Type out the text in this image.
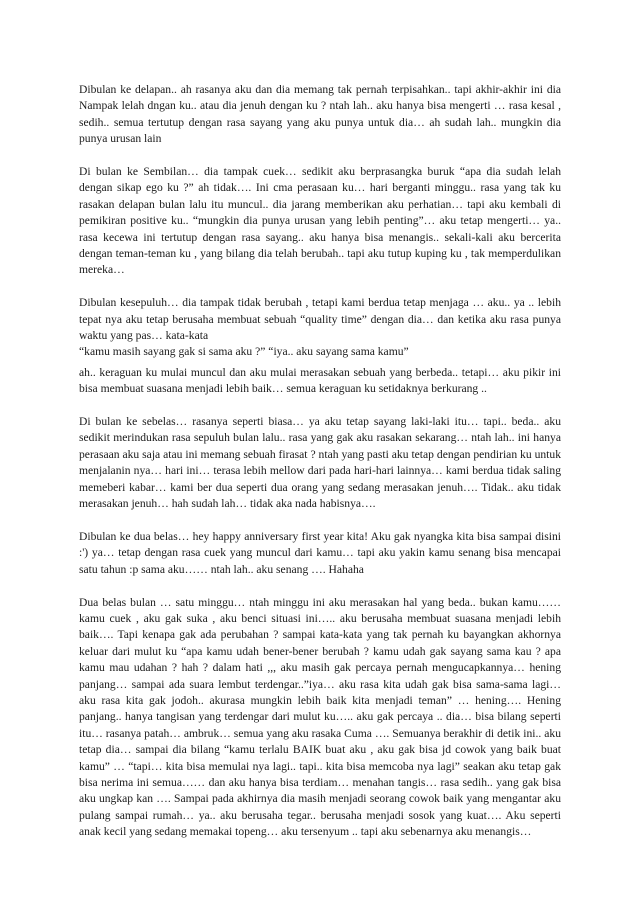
Dibulan ke delapan.. ah rasanya aku dan dia memang tak pernah terpisahkan.. tapi akhir-akhir ini dia Nampak lelah dngan ku.. atau dia jenuh dengan ku ? ntah lah.. aku hanya bisa mengerti … rasa kesal , sedih.. semua tertutup dengan rasa sayang yang aku punya untuk dia… ah sudah lah.. mungkin dia punya urusan lain

Di bulan ke Sembilan… dia tampak cuek… sedikit aku berprasangka buruk “apa dia sudah lelah dengan sikap ego ku ?” ah tidak…. Ini cma perasaan ku… hari berganti minggu.. rasa yang tak ku rasakan delapan bulan lalu itu muncul.. dia jarang memberikan aku perhatian… tapi aku kembali di pemikiran positive ku.. “mungkin dia punya urusan yang lebih penting”… aku tetap mengerti… ya.. rasa kecewa ini tertutup dengan rasa sayang.. aku hanya bisa menangis.. sekali-kali aku bercerita dengan teman-teman ku , yang bilang dia telah berubah.. tapi aku tutup kuping ku , tak memperdulikan mereka…

Dibulan kesepuluh… dia tampak tidak berubah , tetapi kami berdua tetap menjaga … aku.. ya .. lebih tepat nya aku tetap berusaha membuat sebuah “quality time” dengan dia… dan ketika aku rasa punya waktu yang pas… kata-kata
“kamu masih sayang gak si sama aku ?” “iya.. aku sayang sama kamu”

ah.. keraguan ku mulai muncul dan aku mulai merasakan sebuah yang berbeda.. tetapi… aku pikir ini bisa membuat suasana menjadi lebih baik… semua keraguan ku setidaknya berkurang ..

Di bulan ke sebelas… rasanya seperti biasa… ya aku tetap sayang laki-laki itu… tapi.. beda.. aku sedikit merindukan rasa sepuluh bulan lalu.. rasa yang gak aku rasakan sekarang… ntah lah.. ini hanya perasaan aku saja atau ini memang sebuah firasat ? ntah yang pasti aku tetap dengan pendirian ku untuk menjalanin nya… hari ini… terasa lebih mellow dari pada hari-hari lainnya… kami berdua tidak saling memeberi kabar… kami ber dua seperti dua orang yang sedang merasakan jenuh…. Tidak.. aku tidak merasakan jenuh… hah sudah lah… tidak aka nada habisnya….

Dibulan ke dua belas… hey happy anniversary first year kita! Aku gak nyangka kita bisa sampai disini :') ya… tetap dengan rasa cuek yang muncul dari kamu… tapi aku yakin kamu senang bisa mencapai satu tahun :p sama aku…… ntah lah.. aku senang …. Hahaha

Dua belas bulan … satu minggu… ntah minggu ini aku merasakan hal yang beda.. bukan kamu…… kamu cuek , aku gak suka , aku benci situasi ini….. aku berusaha membuat suasana menjadi lebih baik…. Tapi kenapa gak ada perubahan ? sampai kata-kata yang tak pernah ku bayangkan akhornya keluar dari mulut ku “apa kamu udah bener-bener berubah ? kamu udah gak sayang sama kau ? apa kamu mau udahan ? hah ? dalam hati ,,, aku masih gak percaya pernah mengucapkannya… hening panjang… sampai ada suara lembut terdengar..”iya… aku rasa kita udah gak bisa sama-sama lagi… aku rasa kita gak jodoh.. akurasa mungkin lebih baik kita menjadi teman” … hening…. Hening panjang.. hanya tangisan yang terdengar dari mulut ku….. aku gak percaya .. dia… bisa bilang seperti itu… rasanya patah… ambruk… semua yang aku rasaka Cuma …. Semuanya berakhir di detik ini.. aku tetap dia… sampai dia bilang “kamu terlalu BAIK buat aku , aku gak bisa jd cowok yang baik buat kamu” … “tapi… kita bisa memulai nya lagi.. tapi.. kita bisa memcoba nya lagi” seakan aku tetap gak bisa nerima ini semua…… dan aku hanya bisa terdiam… menahan tangis… rasa sedih.. yang gak bisa aku ungkap kan …. Sampai pada akhirnya dia masih menjadi seorang cowok baik yang mengantar aku pulang sampai rumah… ya.. aku berusaha tegar.. berusaha menjadi sosok yang kuat…. Aku seperti anak kecil yang sedang memakai topeng… aku tersenyum .. tapi aku sebenarnya aku menangis…
